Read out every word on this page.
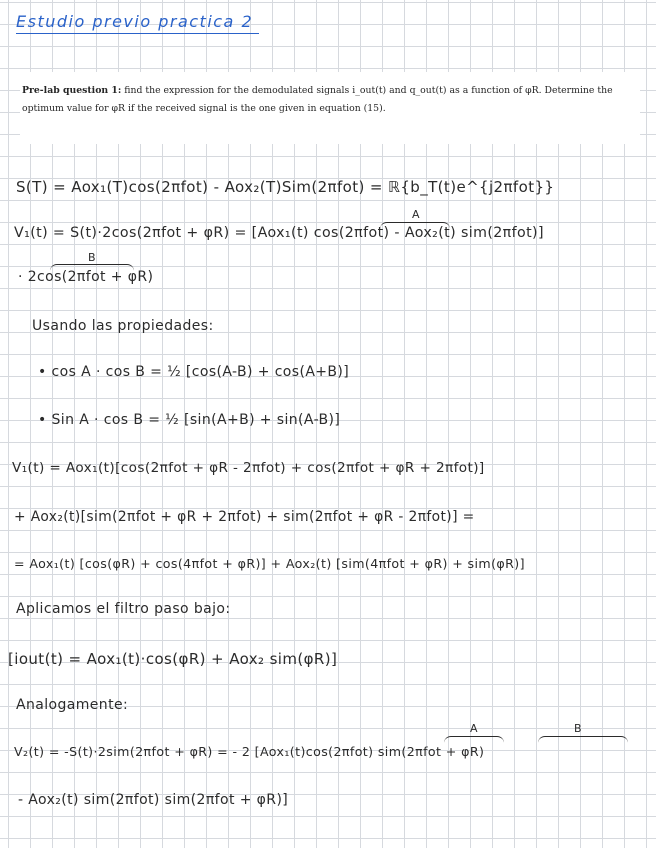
Estudio previo practica 2
Pre-lab question 1: find the expression for the demodulated signals i_out(t) and q_out(t) as a function of φR. Determine the optimum value for φR if the received signal is the one given in equation (15).
S(T) = Aox₁(T)cos(2πfot) - Aox₂(T)Sim(2πfot) = ℝ{b_T(t)e^{j2πfot}}
A
V₁(t) = S(t)·2cos(2πfot + φR) = [Aox₁(t) cos(2πfot) - Aox₂(t) sim(2πfot)]
B
· 2cos(2πfot + φR)
Usando las propiedades:
• cos A · cos B = ½ [cos(A-B) + cos(A+B)]
• Sin A · cos B = ½ [sin(A+B) + sin(A-B)]
V₁(t) = Aox₁(t)[cos(2πfot + φR - 2πfot) + cos(2πfot + φR + 2πfot)]
+ Aox₂(t)[sim(2πfot + φR + 2πfot) + sim(2πfot + φR - 2πfot)] =
= Aox₁(t) [cos(φR) + cos(4πfot + φR)] + Aox₂(t) [sim(4πfot + φR) + sim(φR)]
Aplicamos el filtro paso bajo:
[iout(t) = Aox₁(t)·cos(φR) + Aox₂ sim(φR)]
Analogamente:
A	B
V₂(t) = -S(t)·2sim(2πfot + φR) = - 2 [Aox₁(t)cos(2πfot) sim(2πfot + φR)
- Aox₂(t) sim(2πfot) sim(2πfot + φR)]
